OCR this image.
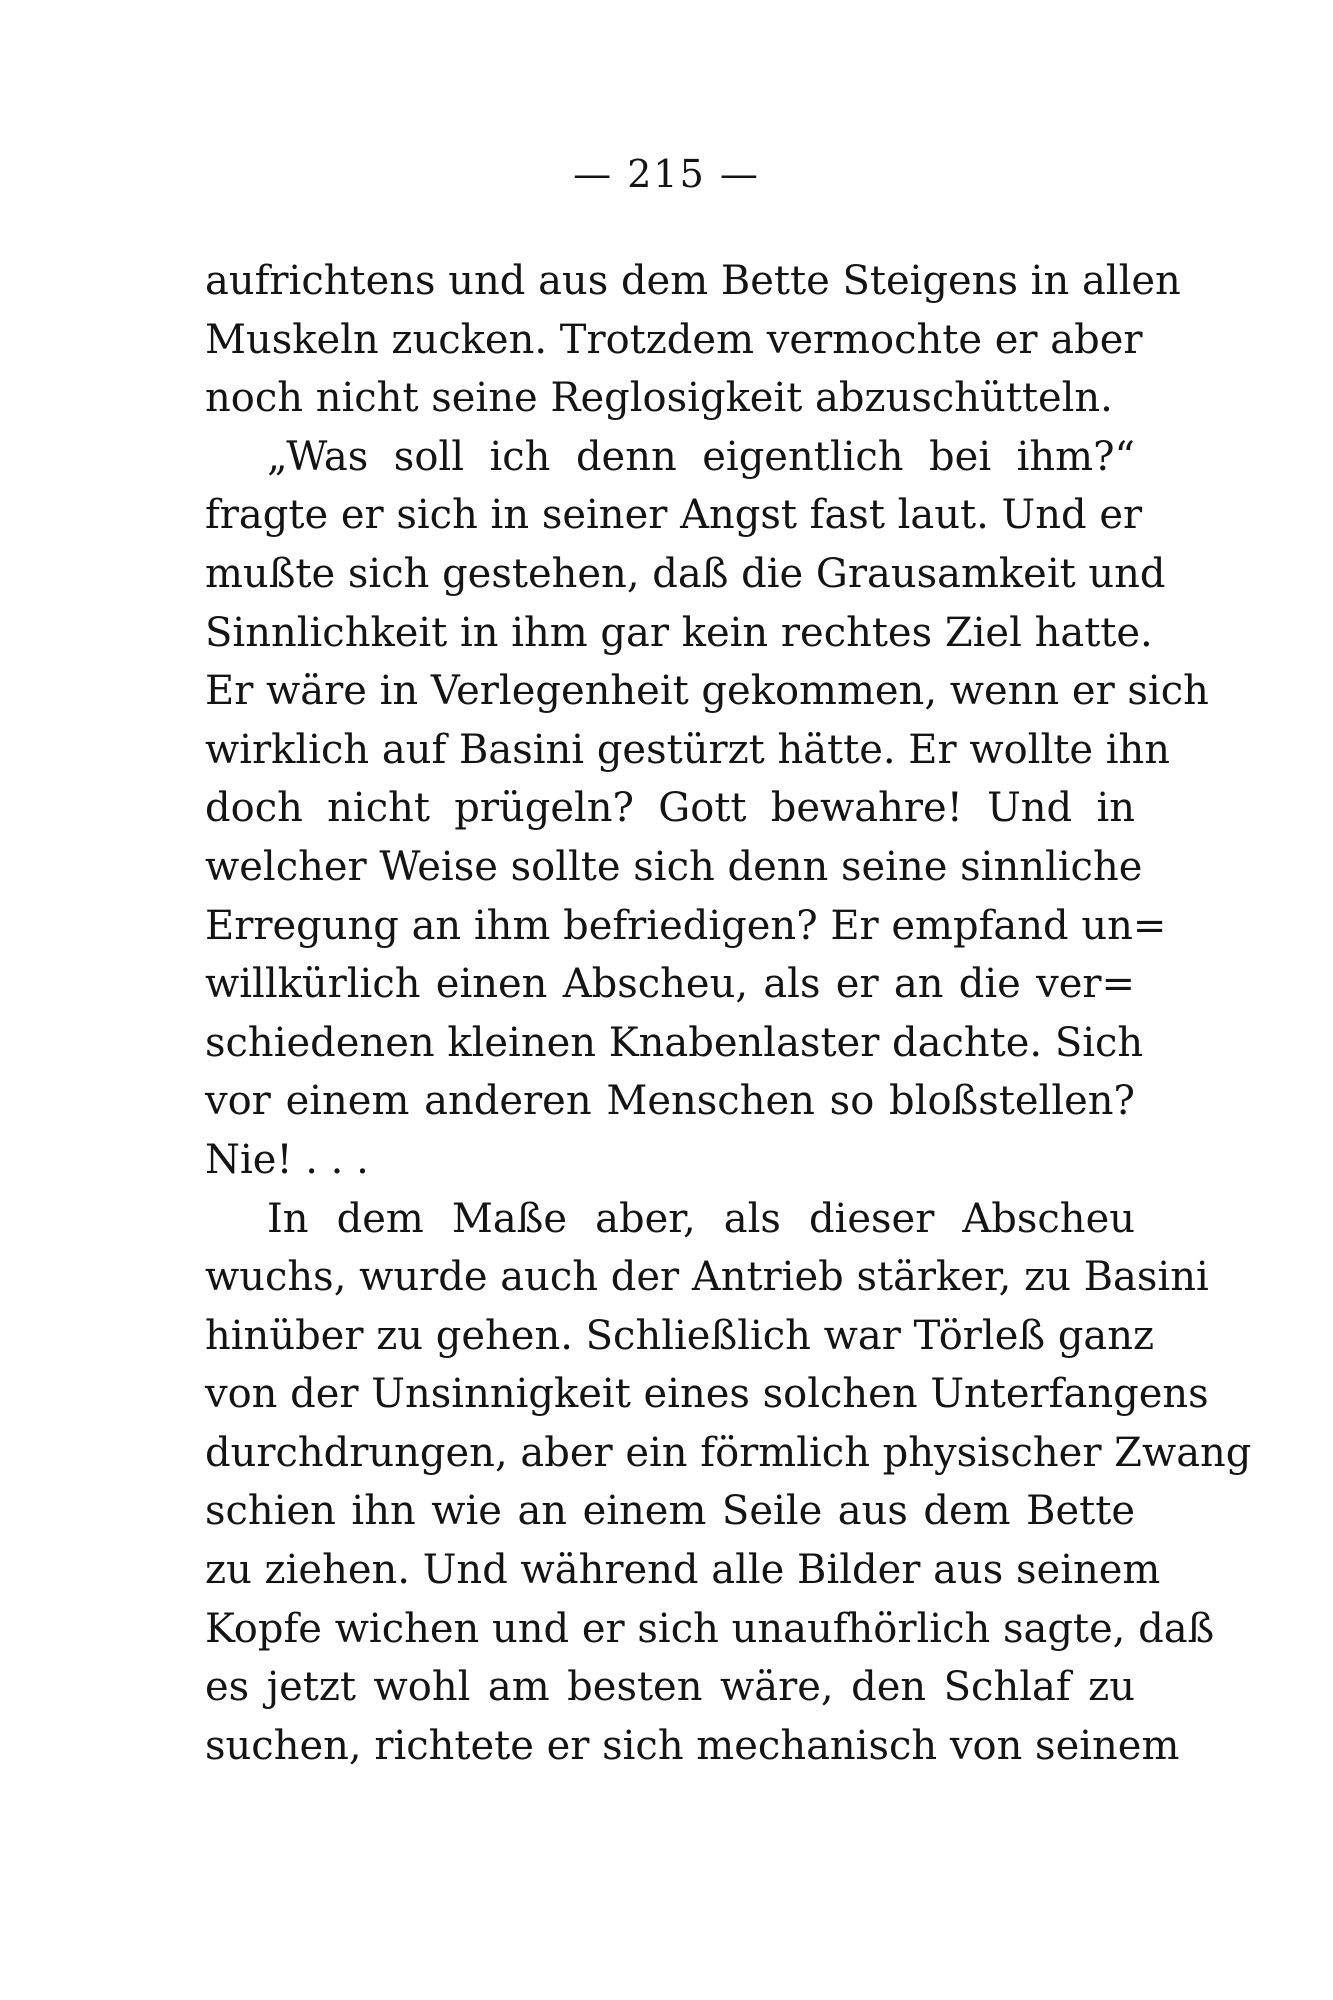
— 215 —
aufrichtens und aus dem Bette Steigens in allen
Muskeln zucken. Trotzdem vermochte er aber
noch nicht seine Reglosigkeit abzuschütteln.
„Was soll ich denn eigentlich bei ihm?“
fragte er sich in seiner Angst fast laut. Und er
mußte sich gestehen, daß die Grausamkeit und
Sinnlichkeit in ihm gar kein rechtes Ziel hatte.
Er wäre in Verlegenheit gekommen, wenn er sich
wirklich auf Basini gestürzt hätte. Er wollte ihn
doch nicht prügeln? Gott bewahre! Und in
welcher Weise sollte sich denn seine sinnliche
Erregung an ihm befriedigen? Er empfand un=
willkürlich einen Abscheu, als er an die ver=
schiedenen kleinen Knabenlaster dachte. Sich
vor einem anderen Menschen so bloßstellen?
Nie! . . .
In dem Maße aber, als dieser Abscheu
wuchs, wurde auch der Antrieb stärker, zu Basini
hinüber zu gehen. Schließlich war Törleß ganz
von der Unsinnigkeit eines solchen Unterfangens
durchdrungen, aber ein förmlich physischer Zwang
schien ihn wie an einem Seile aus dem Bette
zu ziehen. Und während alle Bilder aus seinem
Kopfe wichen und er sich unaufhörlich sagte, daß
es jetzt wohl am besten wäre, den Schlaf zu
suchen, richtete er sich mechanisch von seinem
